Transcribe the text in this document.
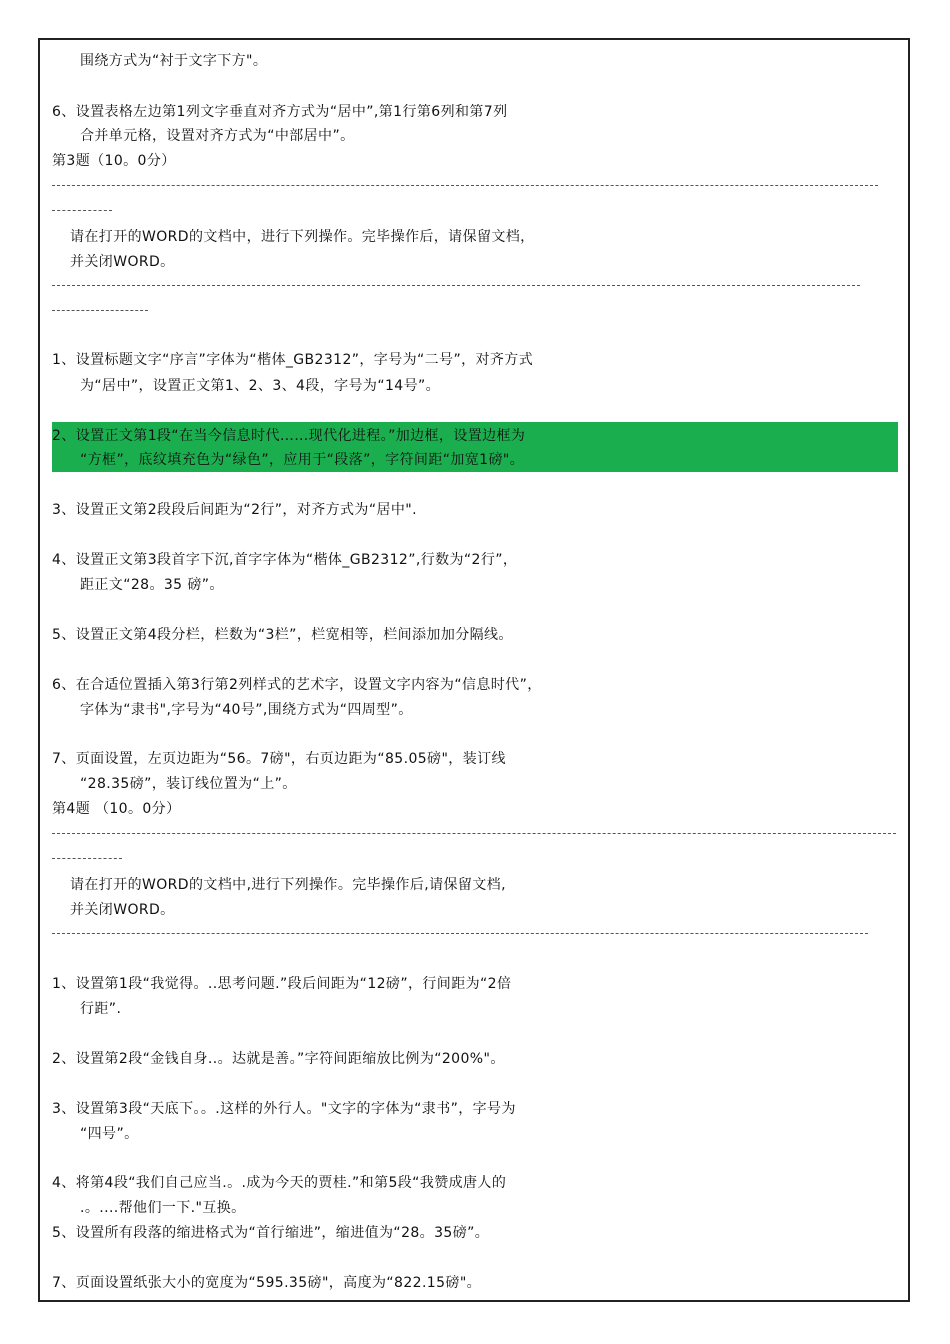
围绕方式为“衬于文字下方"。
6、设置表格左边第1列文字垂直对齐方式为“居中”,第1行第6列和第7列
合并单元格，设置对齐方式为“中部居中”。
第3题（10。0分）
请在打开的WORD的文档中，进行下列操作。完毕操作后，请保留文档，
并关闭WORD。
1、设置标题文字“序言”字体为“楷体_GB2312”，字号为“二号”，对齐方式
为“居中”，设置正文第1、2、3、4段，字号为“14号”。
2、设置正文第1段“在当今信息时代……现代化进程。”加边框，设置边框为
“方框”，底纹填充色为“绿色”，应用于“段落”，字符间距“加宽1磅"。
3、设置正文第2段段后间距为“2行”，对齐方式为“居中".
4、设置正文第3段首字下沉,首字字体为“楷体_GB2312”,行数为“2行”，
距正文“28。35 磅”。
5、设置正文第4段分栏，栏数为“3栏”，栏宽相等，栏间添加加分隔线。
6、在合适位置插入第3行第2列样式的艺术字，设置文字内容为“信息时代”，
字体为“隶书",字号为“40号”,围绕方式为“四周型”。
7、页面设置，左页边距为“56。7磅"，右页边距为“85.05磅"，装订线
“28.35磅”，装订线位置为“上”。
第4题 （10。0分）
请在打开的WORD的文档中,进行下列操作。完毕操作后,请保留文档,
并关闭WORD。
1、设置第1段“我觉得。..思考问题.”段后间距为“12磅”，行间距为“2倍
行距”.
2、设置第2段“金钱自身..。达就是善。”字符间距缩放比例为“200%"。
3、设置第3段“天底下。。.这样的外行人。"文字的字体为“隶书”，字号为
“四号”。
4、将第4段“我们自己应当.。.成为今天的贾桂.”和第5段“我赞成唐人的
.。....帮他们一下."互换。
5、设置所有段落的缩进格式为“首行缩进”，缩进值为“28。35磅”。
7、页面设置纸张大小的宽度为“595.35磅"，高度为“822.15磅"。
